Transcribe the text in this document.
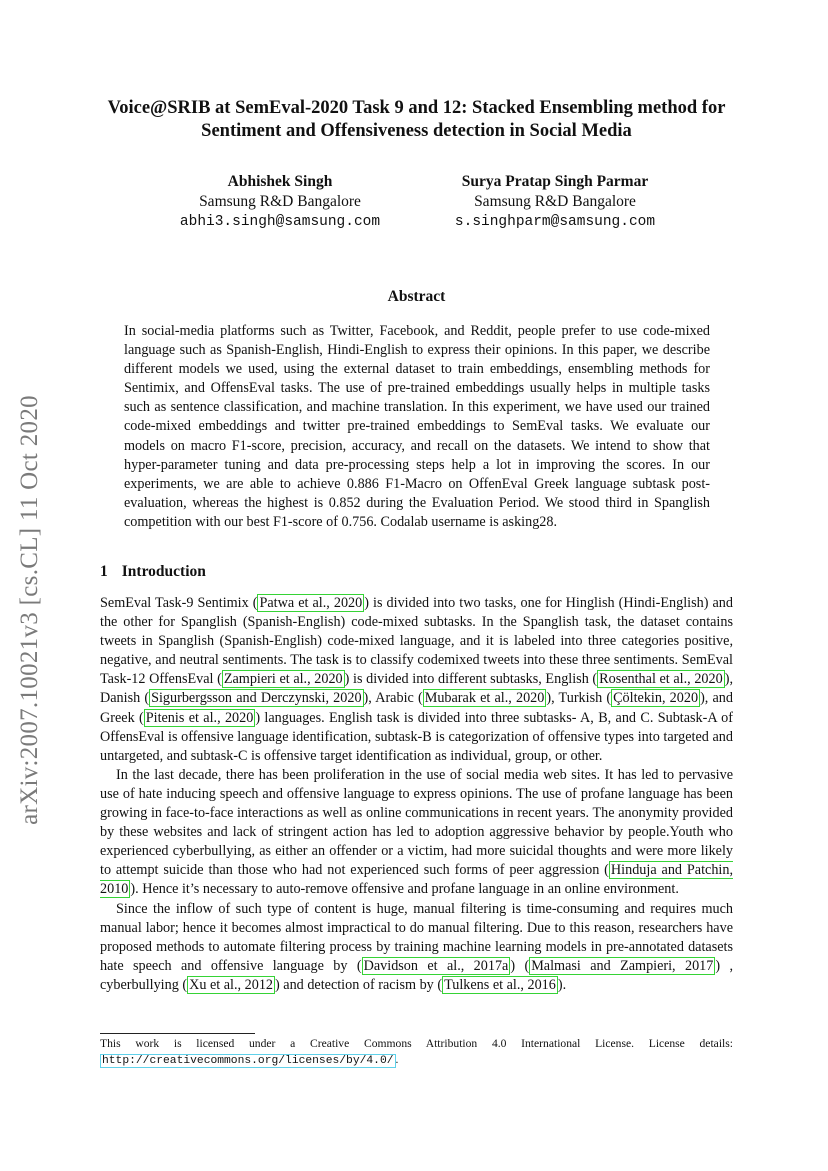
arXiv:2007.10021v3 [cs.CL] 11 Oct 2020
Voice@SRIB at SemEval-2020 Task 9 and 12: Stacked Ensembling method for Sentiment and Offensiveness detection in Social Media
Abhishek Singh
Samsung R&D Bangalore
abhi3.singh@samsung.com
Surya Pratap Singh Parmar
Samsung R&D Bangalore
s.singhparm@samsung.com
Abstract
In social-media platforms such as Twitter, Facebook, and Reddit, people prefer to use code-mixed language such as Spanish-English, Hindi-English to express their opinions. In this paper, we describe different models we used, using the external dataset to train embeddings, ensembling methods for Sentimix, and OffensEval tasks. The use of pre-trained embeddings usually helps in multiple tasks such as sentence classification, and machine translation. In this experiment, we have used our trained code-mixed embeddings and twitter pre-trained embeddings to SemEval tasks. We evaluate our models on macro F1-score, precision, accuracy, and recall on the datasets. We intend to show that hyper-parameter tuning and data pre-processing steps help a lot in improving the scores. In our experiments, we are able to achieve 0.886 F1-Macro on OffenEval Greek language subtask post-evaluation, whereas the highest is 0.852 during the Evaluation Period. We stood third in Spanglish competition with our best F1-score of 0.756. Codalab username is asking28.
1 Introduction

SemEval Task-9 Sentimix ( Patwa et al., 2020 ) is divided into two tasks, one for Hinglish (Hindi-English) and the other for Spanglish (Spanish-English) code-mixed subtasks. In the Spanglish task, the dataset contains tweets in Spanglish (Spanish-English) code-mixed language, and it is labeled into three categories positive, negative, and neutral sentiments. The task is to classify codemixed tweets into these three sentiments. SemEval Task-12 OffensEval ( Zampieri et al., 2020 ) is divided into different subtasks, English ( Rosenthal et al., 2020 ), Danish ( Sigurbergsson and Derczynski, 2020 ), Arabic ( Mubarak et al., 2020 ), Turkish ( Çöltekin, 2020 ), and Greek ( Pitenis et al., 2020 ) languages. English task is divided into three subtasks- A, B, and C. Subtask-A of OffensEval is offensive language identification, subtask-B is categorization of offensive types into targeted and untargeted, and subtask-C is offensive target identification as individual, group, or other.

In the last decade, there has been proliferation in the use of social media web sites. It has led to pervasive use of hate inducing speech and offensive language to express opinions. The use of profane language has been growing in face-to-face interactions as well as online communications in recent years. The anonymity provided by these websites and lack of stringent action has led to adoption aggressive behavior by people.Youth who experienced cyberbullying, as either an offender or a victim, had more suicidal thoughts and were more likely to attempt suicide than those who had not experienced such forms of peer aggression ( Hinduja and Patchin, 2010 ). Hence it’s necessary to auto-remove offensive and profane language in an online environment.

Since the inflow of such type of content is huge, manual filtering is time-consuming and requires much manual labor; hence it becomes almost impractical to do manual filtering. Due to this reason, researchers have proposed methods to automate filtering process by training machine learning models in pre-annotated datasets hate speech and offensive language by ( Davidson et al., 2017a ) ( Malmasi and Zampieri, 2017 ) , cyberbullying ( Xu et al., 2012 ) and detection of racism by ( Tulkens et al., 2016 ).

This work is licensed under a Creative Commons Attribution 4.0 International License. License details: http://creativecommons.org/licenses/by/4.0/ .
